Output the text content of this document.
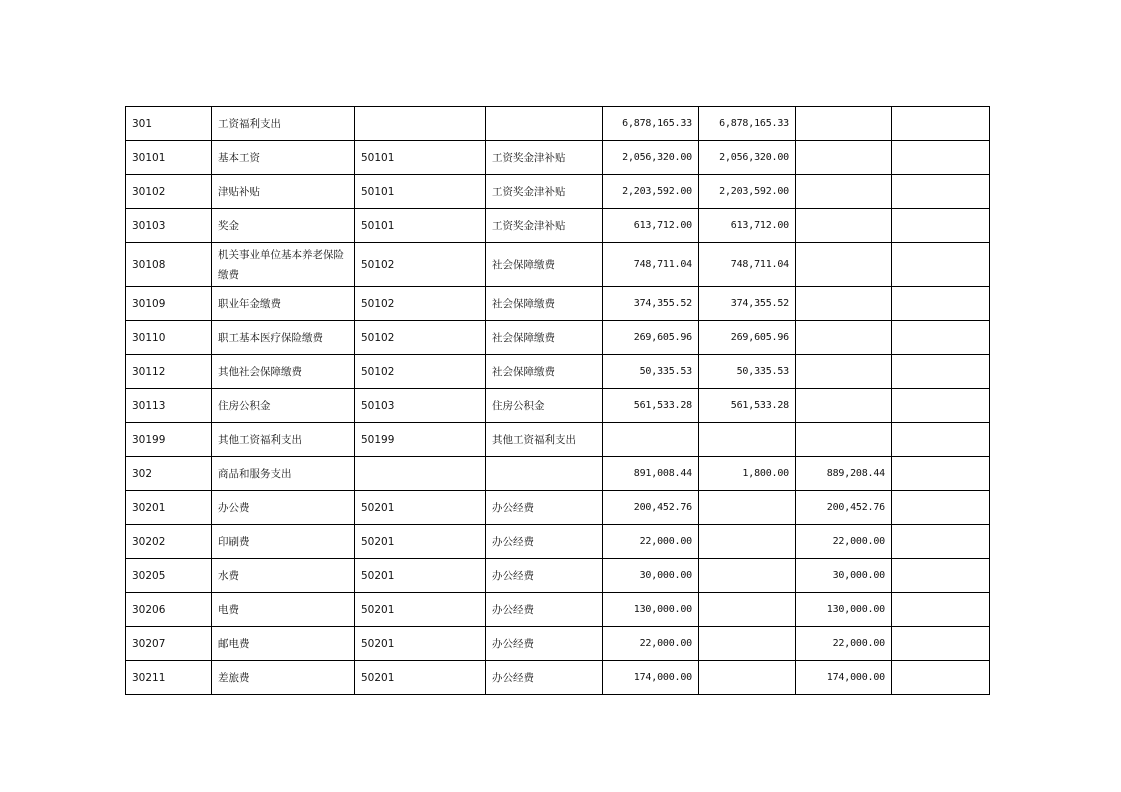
301	工资福利支出			6,878,165.33	6,878,165.33		
30101	基本工资	50101	工资奖金津补贴	2,056,320.00	2,056,320.00		
30102	津贴补贴	50101	工资奖金津补贴	2,203,592.00	2,203,592.00		
30103	奖金	50101	工资奖金津补贴	613,712.00	613,712.00		
30108	机关事业单位基本养老保险缴费	50102	社会保障缴费	748,711.04	748,711.04		
30109	职业年金缴费	50102	社会保障缴费	374,355.52	374,355.52		
30110	职工基本医疗保险缴费	50102	社会保障缴费	269,605.96	269,605.96		
30112	其他社会保障缴费	50102	社会保障缴费	50,335.53	50,335.53		
30113	住房公积金	50103	住房公积金	561,533.28	561,533.28		
30199	其他工资福利支出	50199	其他工资福利支出				
302	商品和服务支出			891,008.44	1,800.00	889,208.44	
30201	办公费	50201	办公经费	200,452.76		200,452.76	
30202	印刷费	50201	办公经费	22,000.00		22,000.00	
30205	水费	50201	办公经费	30,000.00		30,000.00	
30206	电费	50201	办公经费	130,000.00		130,000.00	
30207	邮电费	50201	办公经费	22,000.00		22,000.00	
30211	差旅费	50201	办公经费	174,000.00		174,000.00	
